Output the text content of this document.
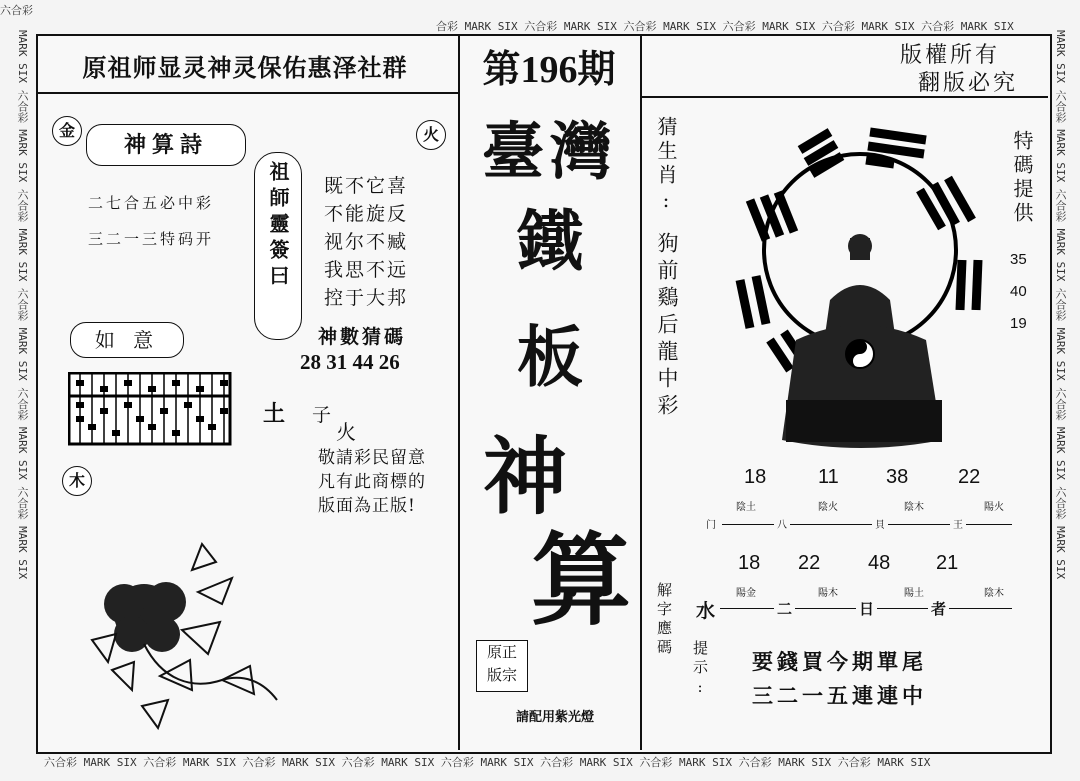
六合彩
合彩 MARK SIX 六合彩 MARK SIX 六合彩 MARK SIX 六合彩 MARK SIX 六合彩 MARK SIX 六合彩 MARK SIX
六合彩 MARK SIX 六合彩 MARK SIX 六合彩 MARK SIX 六合彩 MARK SIX 六合彩 MARK SIX 六合彩 MARK SIX 六合彩 MARK SIX 六合彩 MARK SIX 六合彩 MARK SIX
MARK SIX 六合彩 MARK SIX 六合彩 MARK SIX 六合彩 MARK SIX 六合彩 MARK SIX 六合彩 MARK SIX	MARK SIX 六合彩 MARK SIX 六合彩 MARK SIX 六合彩 MARK SIX 六合彩 MARK SIX 六合彩 MARK SIX
原祖师显灵神灵保佑惠泽社群	第196期	版權所有
翻版必究
金	火
神算詩
二七合五必中彩
三二一三特码开	祖師靈簽曰	既不它喜
不能旋反
视尔不臧
我思不远
控于大邦
神數猜碼
28 31 44 26
如 意
土 子
火
敬請彩民留意
凡有此商標的
版面為正版!
木
臺灣
鐵
板
神
算
原正
版宗
請配用紫光燈
猜生肖:
狗前鷄后龍中彩
特碼提供
35
40
19
18	11 38 22
陰土	陰火	陰木	陽火
门	八	貝	王
18 22 48 21
陽金	陽木	陽土	陰木
水	二	日	者
解字應碼
提示: 要錢買今期單尾
三二一五連連中
